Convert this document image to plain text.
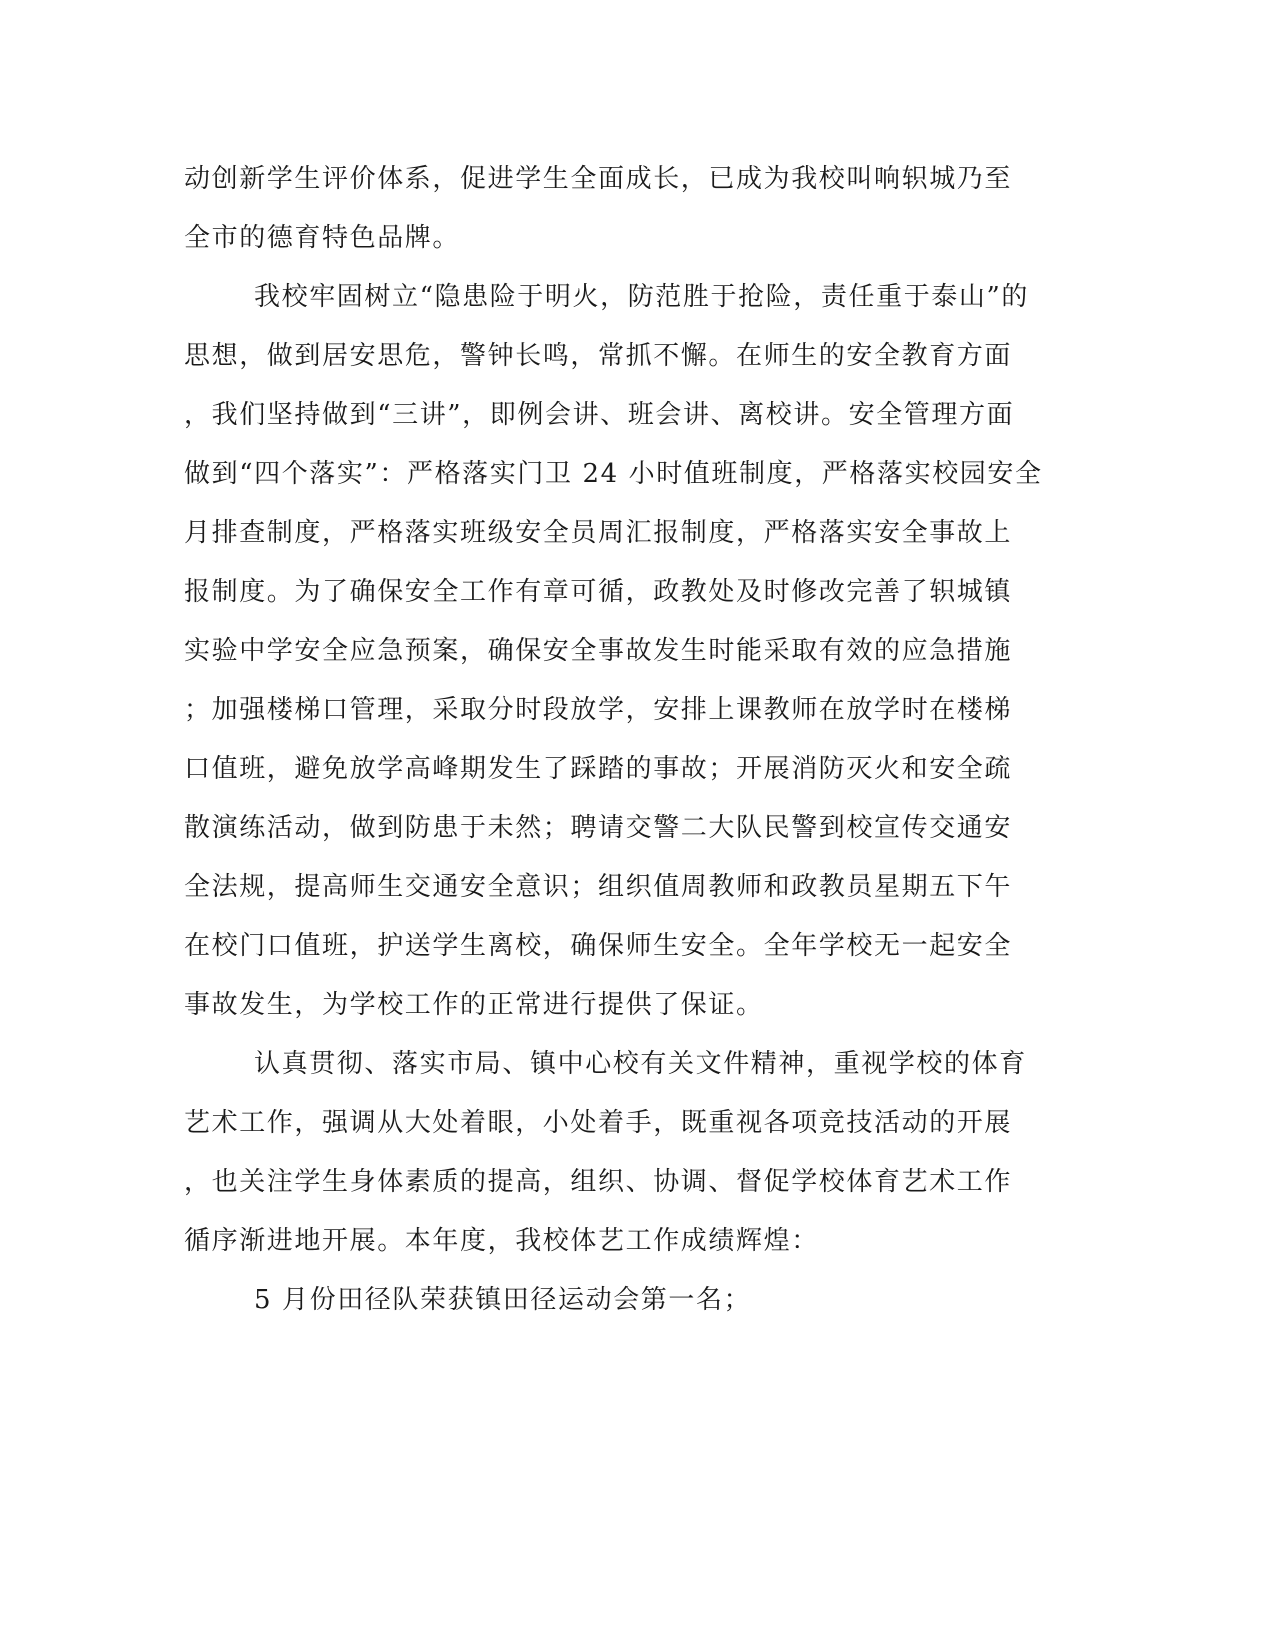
动创新学生评价体系，促进学生全面成长，已成为我校叫响轵城乃至
全市的德育特色品牌。
我校牢固树立“隐患险于明火，防范胜于抢险，责任重于泰山”的
思想，做到居安思危，警钟长鸣，常抓不懈。在师生的安全教育方面
，我们坚持做到“三讲”，即例会讲、班会讲、离校讲。安全管理方面
做到“四个落实”：严格落实门卫 24 小时值班制度，严格落实校园安全
月排查制度，严格落实班级安全员周汇报制度，严格落实安全事故上
报制度。为了确保安全工作有章可循，政教处及时修改完善了轵城镇
实验中学安全应急预案，确保安全事故发生时能采取有效的应急措施
；加强楼梯口管理，采取分时段放学，安排上课教师在放学时在楼梯
口值班，避免放学高峰期发生了踩踏的事故；开展消防灭火和安全疏
散演练活动，做到防患于未然；聘请交警二大队民警到校宣传交通安
全法规，提高师生交通安全意识；组织值周教师和政教员星期五下午
在校门口值班，护送学生离校，确保师生安全。全年学校无一起安全
事故发生，为学校工作的正常进行提供了保证。
认真贯彻、落实市局、镇中心校有关文件精神，重视学校的体育
艺术工作，强调从大处着眼，小处着手，既重视各项竞技活动的开展
，也关注学生身体素质的提高，组织、协调、督促学校体育艺术工作
循序渐进地开展。本年度，我校体艺工作成绩辉煌：
5 月份田径队荣获镇田径运动会第一名；
